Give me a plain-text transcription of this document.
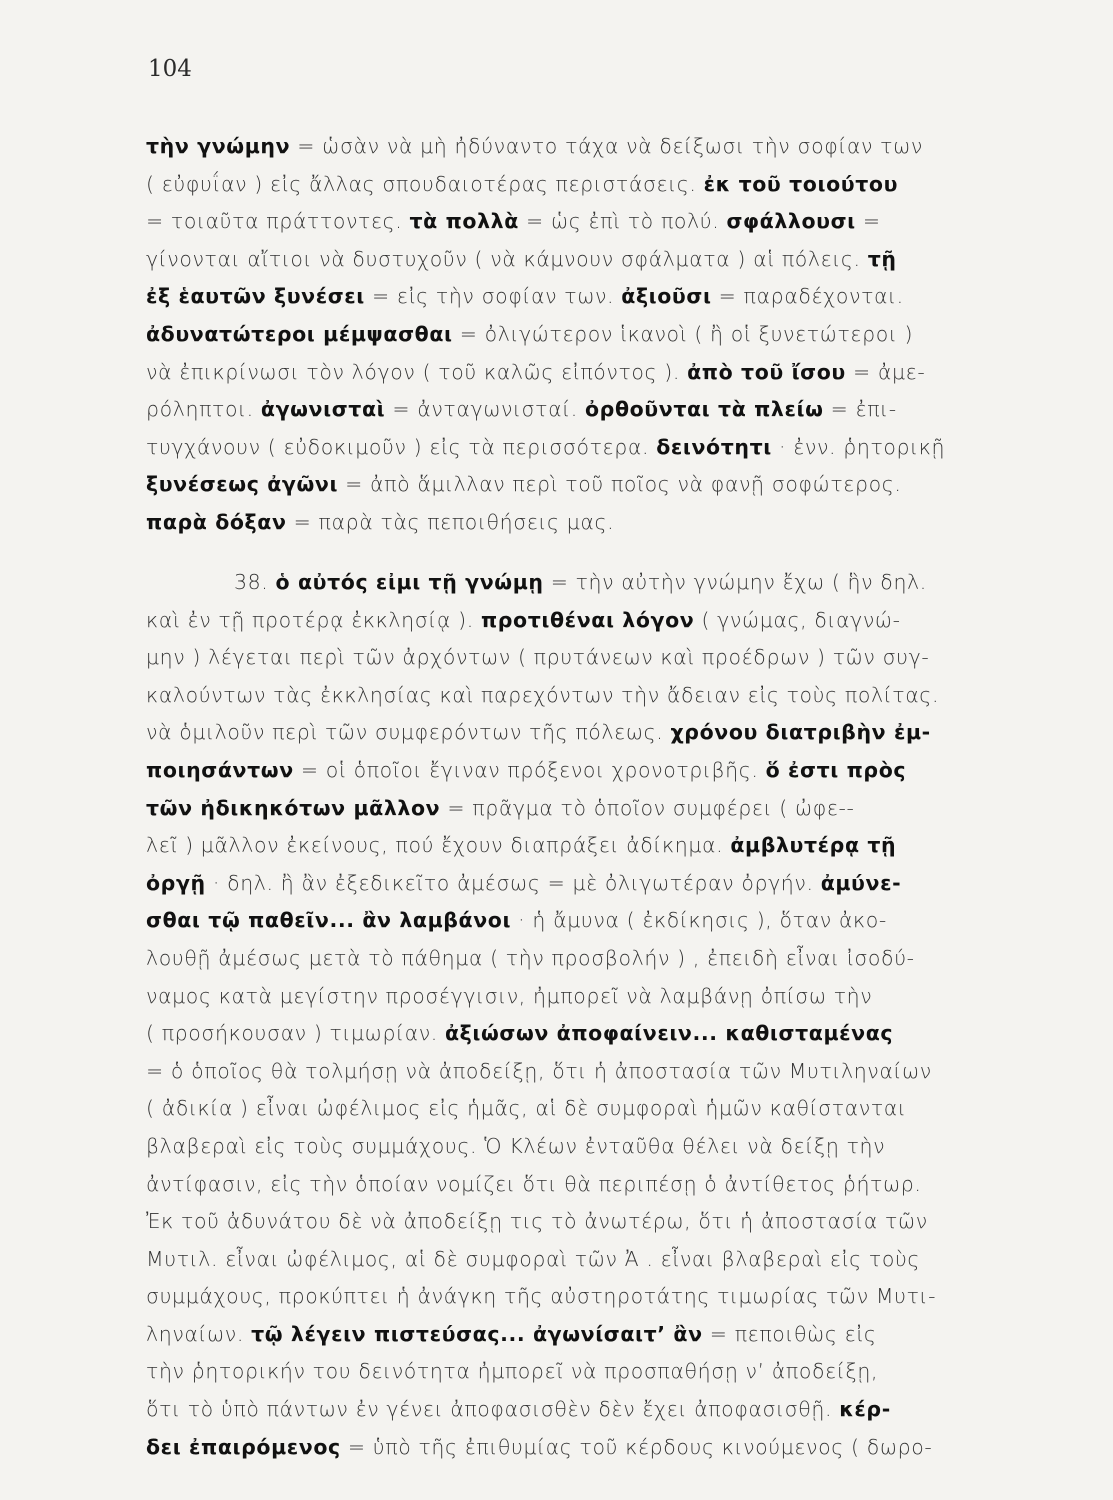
104
τὴν γνώμην = ὡσὰν νὰ μὴ ἠδύναντο τάχα νὰ δείξωσι τὴν σοφίαν των
( εὐφυΐαν ) εἰς ἄλλας σπουδαιοτέρας περιστάσεις. ἐκ τοῦ τοιούτου
= τοιαῦτα πράττοντες. τὰ πολλὰ = ὡς ἐπὶ τὸ πολύ. σφάλλουσι =
γίνονται αἴτιοι νὰ δυστυχοῦν ( νὰ κάμνουν σφάλματα ) αἱ πόλεις. τῇ
ἐξ ἑαυτῶν ξυνέσει = εἰς τὴν σοφίαν των. ἀξιοῦσι = παραδέχονται.
ἀδυνατώτεροι μέμψασθαι = ὀλιγώτερον ἱκανοὶ ( ἢ οἱ ξυνετώτεροι )
νὰ ἐπικρίνωσι τὸν λόγον ( τοῦ καλῶς εἰπόντος ). ἀπὸ τοῦ ἴσου = ἀμε-
ρόληπτοι. ἀγωνισταὶ = ἀνταγωνισταί. ὀρθοῦνται τὰ πλείω = ἐπι-
τυγχάνουν ( εὐδοκιμοῦν ) εἰς τὰ περισσότερα. δεινότητι · ἐνν. ῥητορικῇ
ξυνέσεως ἀγῶνι = ἀπὸ ἅμιλλαν περὶ τοῦ ποῖος νὰ φανῇ σοφώτερος.
παρὰ δόξαν = παρὰ τὰς πεποιθήσεις μας.
38. ὁ αὐτός εἰμι τῇ γνώμῃ = τὴν αὐτὴν γνώμην ἔχω ( ἣν δηλ.
καὶ ἐν τῇ προτέρᾳ ἐκκλησίᾳ ). προτιθέναι λόγον ( γνώμας, διαγνώ-
μην ) λέγεται περὶ τῶν ἀρχόντων ( πρυτάνεων καὶ προέδρων ) τῶν συγ-
καλούντων τὰς ἐκκλησίας καὶ παρεχόντων τὴν ἄδειαν εἰς τοὺς πολίτας.
νὰ ὁμιλοῦν περὶ τῶν συμφερόντων τῆς πόλεως. χρόνου διατριβὴν ἐμ-
ποιησάντων = οἱ ὁποῖοι ἔγιναν πρόξενοι χρονοτριβῆς. ὅ ἐστι πρὸς
τῶν ἠδικηκότων μᾶλλον = πρᾶγμα τὸ ὁποῖον συμφέρει ( ὠφε--
λεῖ ) μᾶλλον ἐκείνους, πού ἔχουν διαπράξει ἀδίκημα. ἀμβλυτέρᾳ τῇ
ὀργῇ · δηλ. ἢ ἂν ἐξεδικεῖτο ἀμέσως = μὲ ὀλιγωτέραν ὀργήν. ἀμύνε-
σθαι τῷ παθεῖν... ἂν λαμβάνοι · ἡ ἄμυνα ( ἐκδίκησις ), ὅταν ἀκο-
λουθῇ ἀμέσως μετὰ τὸ πάθημα ( τὴν προσβολήν ) , ἐπειδὴ εἶναι ἰσοδύ-
ναμος κατὰ μεγίστην προσέγγισιν, ἠμπορεῖ νὰ λαμβάνῃ ὀπίσω τὴν
( προσήκουσαν ) τιμωρίαν. ἀξιώσων ἀποφαίνειν... καθισταμένας
= ὁ ὁποῖος θὰ τολμήσῃ νὰ ἀποδείξῃ, ὅτι ἡ ἀποστασία τῶν Μυτιληναίων
( ἀδικία ) εἶναι ὠφέλιμος εἰς ἡμᾶς, αἱ δὲ συμφοραὶ ἡμῶν καθίστανται
βλαβεραὶ εἰς τοὺς συμμάχους. Ὁ Κλέων ἐνταῦθα θέλει νὰ δείξῃ τὴν
ἀντίφασιν, εἰς τὴν ὁποίαν νομίζει ὅτι θὰ περιπέσῃ ὁ ἀντίθετος ῥήτωρ.
Ἐκ τοῦ ἀδυνάτου δὲ νὰ ἀποδείξῃ τις τὸ ἀνωτέρω, ὅτι ἡ ἀποστασία τῶν
Μυτιλ. εἶναι ὠφέλιμος, αἱ δὲ συμφοραὶ τῶν Ἀ . εἶναι βλαβεραὶ εἰς τοὺς
συμμάχους, προκύπτει ἡ ἀνάγκη τῆς αὐστηροτάτης τιμωρίας τῶν Μυτι-
ληναίων. τῷ λέγειν πιστεύσας... ἀγωνίσαιτ’ ἂν = πεποιθὼς εἰς
τὴν ῥητορικήν του δεινότητα ἠμπορεῖ νὰ προσπαθήσῃ ν’ ἀποδείξῃ,
ὅτι τὸ ὑπὸ πάντων ἐν γένει ἀποφασισθὲν δὲν ἔχει ἀποφασισθῇ. κέρ-
δει ἐπαιρόμενος = ὑπὸ τῆς ἐπιθυμίας τοῦ κέρδους κινούμενος ( δωρο-
